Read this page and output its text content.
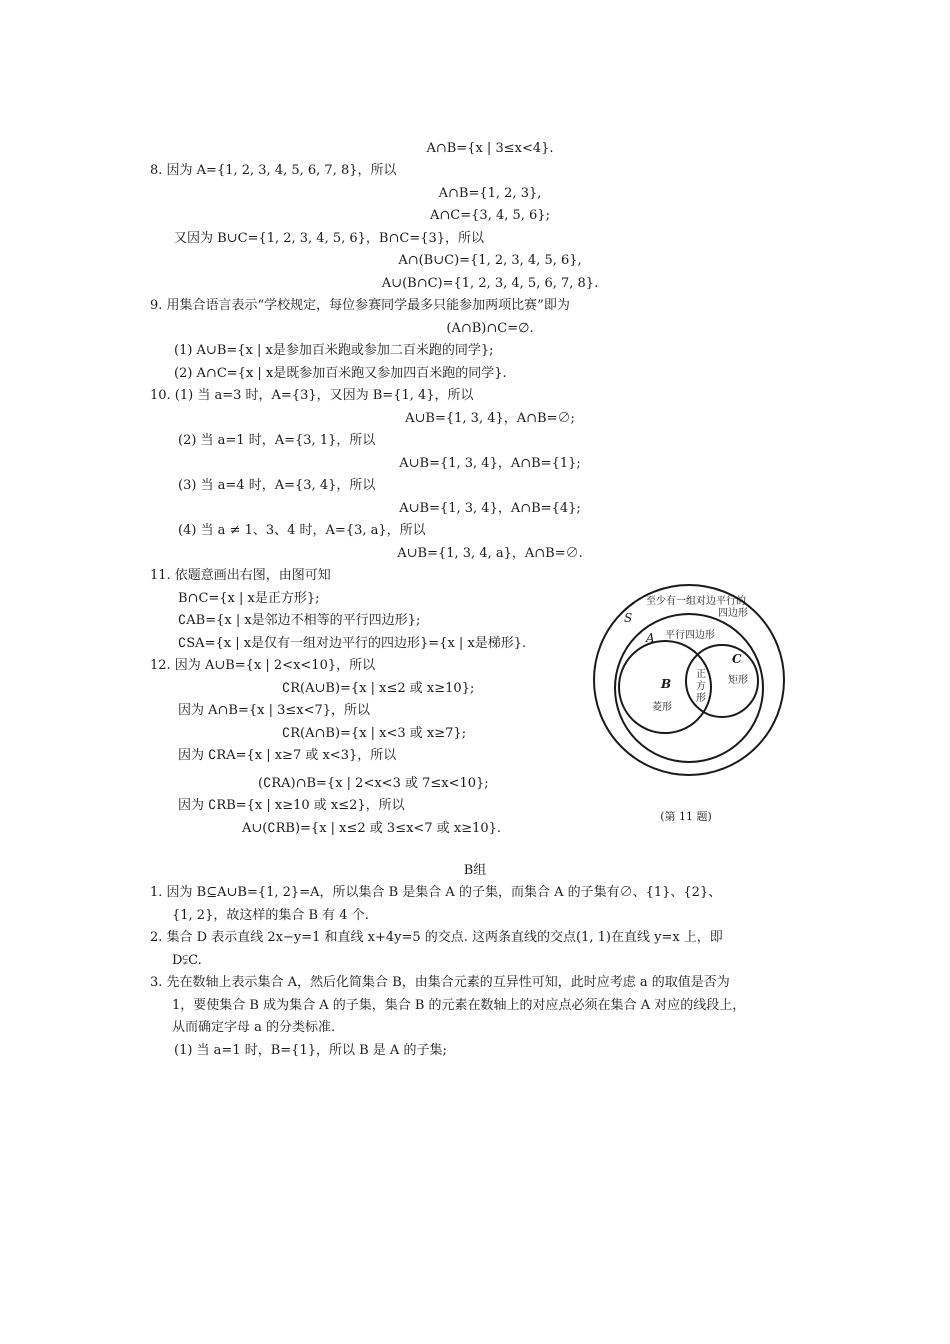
A∩B={x | 3≤x<4}.
8. 因为 A={1, 2, 3, 4, 5, 6, 7, 8}，所以
A∩B={1, 2, 3},
A∩C={3, 4, 5, 6};
又因为 B∪C={1, 2, 3, 4, 5, 6}，B∩C={3}，所以
A∩(B∪C)={1, 2, 3, 4, 5, 6},
A∪(B∩C)={1, 2, 3, 4, 5, 6, 7, 8}.
9. 用集合语言表示“学校规定，每位参赛同学最多只能参加两项比赛”即为
(A∩B)∩C=∅.
(1) A∪B={x | x是参加百米跑或参加二百米跑的同学};
(2) A∩C={x | x是既参加百米跑又参加四百米跑的同学}.
10. (1) 当 a=3 时，A={3}，又因为 B={1, 4}，所以
A∪B={1, 3, 4}，A∩B=∅;
(2) 当 a=1 时，A={3, 1}，所以
A∪B={1, 3, 4}，A∩B={1};
(3) 当 a=4 时，A={3, 4}，所以
A∪B={1, 3, 4}，A∩B={4};
(4) 当 a ≠ 1、3、4 时，A={3, a}，所以
A∪B={1, 3, 4, a}，A∩B=∅.
11. 依题意画出右图，由图可知
B∩C={x | x是正方形};
∁AB={x | x是邻边不相等的平行四边形};
∁SA={x | x是仅有一组对边平行的四边形}={x | x是梯形}.
12. 因为 A∪B={x | 2<x<10}，所以
∁R(A∪B)={x | x≤2 或 x≥10};
因为 A∩B={x | 3≤x<7}，所以
∁R(A∩B)={x | x<3 或 x≥7};
因为 ∁RA={x | x≥7 或 x<3}，所以
(∁RA)∩B={x | 2<x<3 或 7≤x<10};
因为 ∁RB={x | x≥10 或 x≤2}，所以
A∪(∁RB)={x | x≤2 或 3≤x<7 或 x≥10}.
B组
1. 因为 B⊆A∪B={1, 2}=A，所以集合 B 是集合 A 的子集，而集合 A 的子集有∅、{1}、{2}、
{1, 2}，故这样的集合 B 有 4 个.
2. 集合 D 表示直线 2x−y=1 和直线 x+4y=5 的交点. 这两条直线的交点(1, 1)在直线 y=x 上，即
D⫋C.
3. 先在数轴上表示集合 A，然后化简集合 B，由集合元素的互异性可知，此时应考虑 a 的取值是否为
1，要使集合 B 成为集合 A 的子集，集合 B 的元素在数轴上的对应点必须在集合 A 对应的线段上，
从而确定字母 a 的分类标准.
(1) 当 a=1 时，B={1}，所以 B 是 A 的子集;
至少有一组对边平行的
四边形
S
A 平行四边形
C
矩形
B
菱形
正
方
形
(第 11 题)
